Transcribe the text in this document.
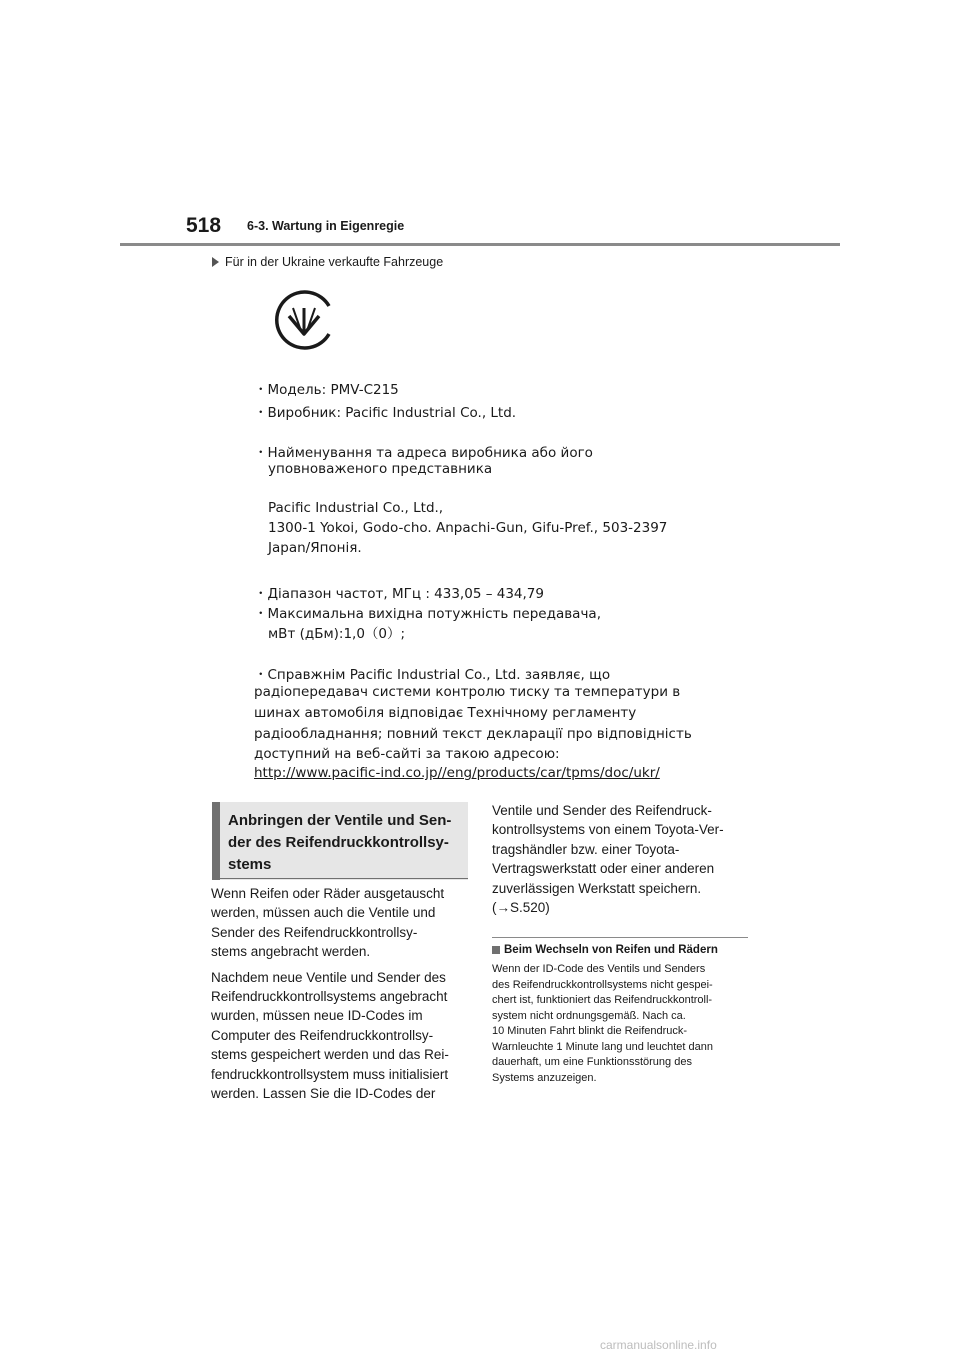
518 6-3. Wartung in Eigenregie
Für in der Ukraine verkaufte Fahrzeuge
・Модель: PMV-C215
・Виробник: Pacific Industrial Co., Ltd.
・Найменування та адреса виробника або його
уповноваженого представника
Pacific Industrial Co., Ltd.,
1300-1 Yokoi, Godo-cho. Anpachi-Gun, Gifu-Pref., 503-2397
Japan/Японія.
・Діапазон частот, МГц : 433,05 – 434,79
・Максимальна вихідна потужність передавача,
мВт (дБм):1,0（0）;
・Справжнім Pacific Industrial Co., Ltd. заявляє, що
радіопередавач системи контролю тиску та температури в
шинах автомобіля відповідає Технічному регламенту
радіообладнання; повний текст декларації про відповідність
доступний на веб-сайті за такою адресою:
http://www.pacific-ind.co.jp//eng/products/car/tpms/doc/ukr/
Anbringen der Ventile und Sen-
der des Reifendruckkontrollsy-
stems
Wenn Reifen oder Räder ausgetauscht
werden, müssen auch die Ventile und
Sender des Reifendruckkontrollsy-
stems angebracht werden.
Nachdem neue Ventile und Sender des
Reifendruckkontrollsystems angebracht
wurden, müssen neue ID-Codes im
Computer des Reifendruckkontrollsy-
stems gespeichert werden und das Rei-
fendruckkontrollsystem muss initialisiert
werden. Lassen Sie die ID-Codes der
Ventile und Sender des Reifendruck-
kontrollsystems von einem Toyota-Ver-
tragshändler bzw. einer Toyota-
Vertragswerkstatt oder einer anderen
zuverlässigen Werkstatt speichern.
(→S.520)
Beim Wechseln von Reifen und Rädern
Wenn der ID-Code des Ventils und Senders
des Reifendruckkontrollsystems nicht gespei-
chert ist, funktioniert das Reifendruckkontroll-
system nicht ordnungsgemäß. Nach ca.
10 Minuten Fahrt blinkt die Reifendruck-
Warnleuchte 1 Minute lang und leuchtet dann
dauerhaft, um eine Funktionsstörung des
Systems anzuzeigen.
carmanualsonline.info
